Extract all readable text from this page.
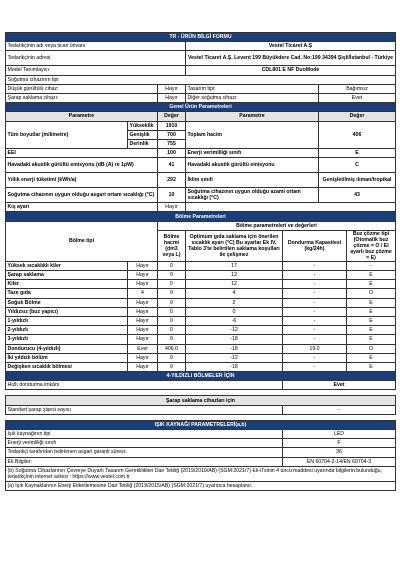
TR - ÜRÜN BİLGİ FORMU						
Tedarikçinin adı veya ticari ünvanı			Vestel Ticaret A.Ş			
Tedarikçinin adresi			Vestel Ticaret A.Ş. Levent 199 Büyükdere Cad. No:199 34394 Şişli/İstanbul - Türkiye			
Model Tanımlayıcı			CDL801 E NF DuoMode			
Soğutma cihazının tipi						
Düşük gürültülü cihaz:		Hayır	Tasarım tipi:		Bağımsız	
Şarap saklama cihazı:		Hayır	Diğer soğutma cihazı:		Evet	
Genel Ürün Parametreleri						
Parametre		Değer	Parametre		Değer	
Tüm boyutlar (milimetre)	Yükseklik	1910	Toplam hacim		406	
	Genişlik	700				
	Derinlik	755				
EEI		100	Enerji verimliliği sınıfı		E	
Havadaki akustik gürültü emisyonu (dB (A) re 1pW)		41	Havadaki akustik gürültü emisyonu		C	
Yıllık enerji tüketimi (kWh/a)		292	İklim sınıfı		Genişletilmiş ılıman/tropikal	
Soğutma cihazının uygun olduğu asgari ortam sıcaklığı (°C)		10	Soğutma cihazının uygun olduğu azami ortam sıcaklığı (°C)		43	
Kış ayarı		Hayır				
Bölme Parametreleri						
Bölme tipi		Bölme parametreleri ve değerleri				
		Bölme hacmi (dm3 veya L)	Optimum gıda saklama için önerilen sıcaklık ayarı (°C) Bu ayarlar Ek IV, Tablo 3'te belirtilen saklama koşulları ile çelişmez	Dondurma Kapasitesi (kg/24h)		Buz çözme tipi (Otomatik buz çözme = O / El ayarlı buz çözme = E)
Yüksek sıcaklıklı kiler	Hayır	0	17	-		-
Şarap saklama	Hayır	0	12	-		E
Kiler	Hayır	0	12	-		E
Taze gıda	4	0	4	-		O
Soğuk Bölme	Hayır	0	2	-		E
Yıldızsız (buz yapıcı)	Hayır	0	0	-		E
1-yıldızlı	Hayır	0	-6	-		E
2-yıldızlı	Hayır	0	-12	-		E
3-yıldızlı	Hayır	0	-18	-		E
Dondurucu (4-yıldızlı)	Evet	406.0	-18	19.0		O
İki yıldızlı bölüm	Hayır	0	-12	-		E
Değişken sıcaklık bölmesi	Hayır	0	-18	-		E
4-YILDIZLI BÖLMELER İÇİN						
Hızlı dondurma imkânı				Evet		

Şarap saklama cihazları için						
Standart şarap şişesi sayısı				-		

IŞIK KAYNAĞI PARAMETRELERİ(a,b)						
Işık kaynağının tipi				LED		
Enerji verimliliği sınıfı				F		
Tedarikçi tarafından belirlenen asgari garanti süresi:				36		
Ek Bilgiler:				EN 60704-2-14/EN 60704-3		
(b) Soğutma Cihazlarının Çevreye Duyarlı Tasarım Gereklilikleri Dair Tebliğ (2019/2019/AB) (SGM:2021/7) Ek-II'sinin 4 üncü maddesi uyarında bilgilerin bulunduğu, tedarikçinin internet adresi : https://www.vestel.com.tr						
(a) Işık Kaynaklarının Enerji Etiketlemesine Dair Tebliğ (2019/2015/AB) (SGM:2021/7) uyarınca hesaplanır.						
